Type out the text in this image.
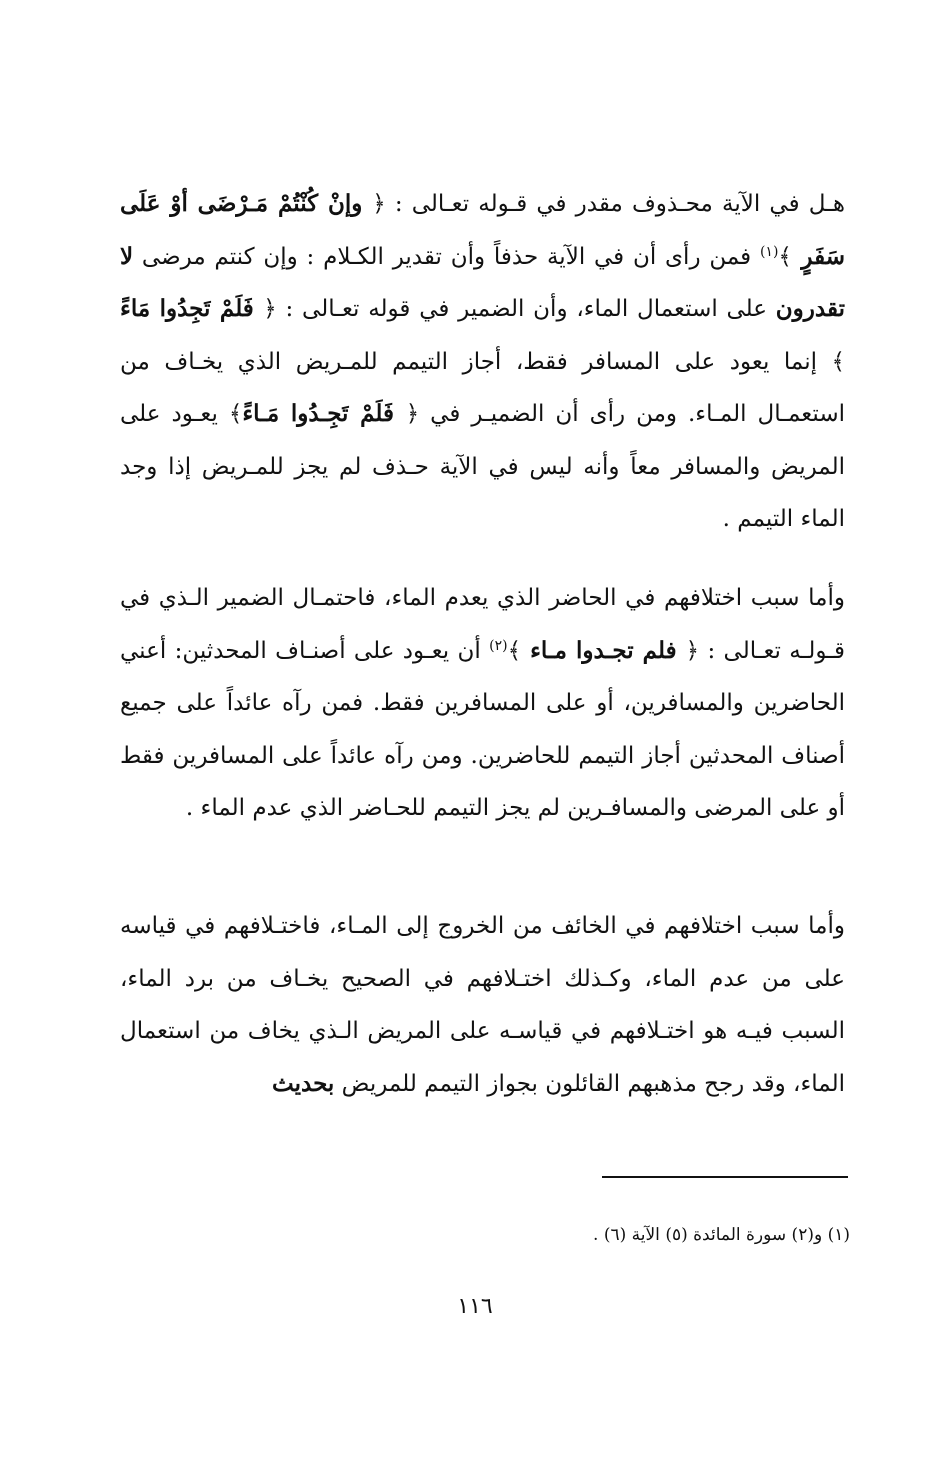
هـل في الآية محـذوف مقدر في قـوله تعـالى : ﴿ وإنْ كُنْتُمْ مَـرْضَى أوْ عَلَى سَفَرٍ ﴾$^{(١)}$ فمن رأى أن في الآية حذفاً وأن تقدير الكـلام : وإن كنتم مرضى لا تقدرون على استعمال الماء، وأن الضمير في قوله تعـالى : ﴿ فَلَمْ تَجِدُوا مَاءً ﴾ إنما يعود على المسافر فقط، أجاز التيمم للمـريض الذي يخـاف من استعمـال المـاء. ومن رأى أن الضميـر في ﴿ فَلَمْ تَجِـدُوا مَـاءً﴾ يعـود على المريض والمسافر معاً وأنه ليس في الآية حـذف لم يجز للمـريض إذا وجد الماء التيمم .

وأما سبب اختلافهم في الحاضر الذي يعدم الماء، فاحتمـال الضمير الـذي في قـولـه تعـالى : ﴿ فلم تجـدوا مـاء ﴾$^{(٢)}$ أن يعـود على أصنـاف المحدثين: أعني الحاضرين والمسافرين، أو على المسافرين فقط. فمن رآه عائداً على جميع أصناف المحدثين أجاز التيمم للحاضرين. ومن رآه عائداً على المسافرين فقط أو على المرضى والمسافـرين لم يجز التيمم للحـاضر الذي عدم الماء .

وأما سبب اختلافهم في الخائف من الخروج إلى المـاء، فاختـلافهم في قياسه على من عدم الماء، وكـذلك اختـلافهم في الصحيح يخـاف من برد الماء، السبب فيـه هو اختـلافهم في قياسـه على المريض الـذي يخاف من استعمال الماء، وقد رجح مذهبهم القائلون بجواز التيمم للمريض بحديث

(١) و(٢) سورة المائدة (٥) الآية (٦) .

١١٦
